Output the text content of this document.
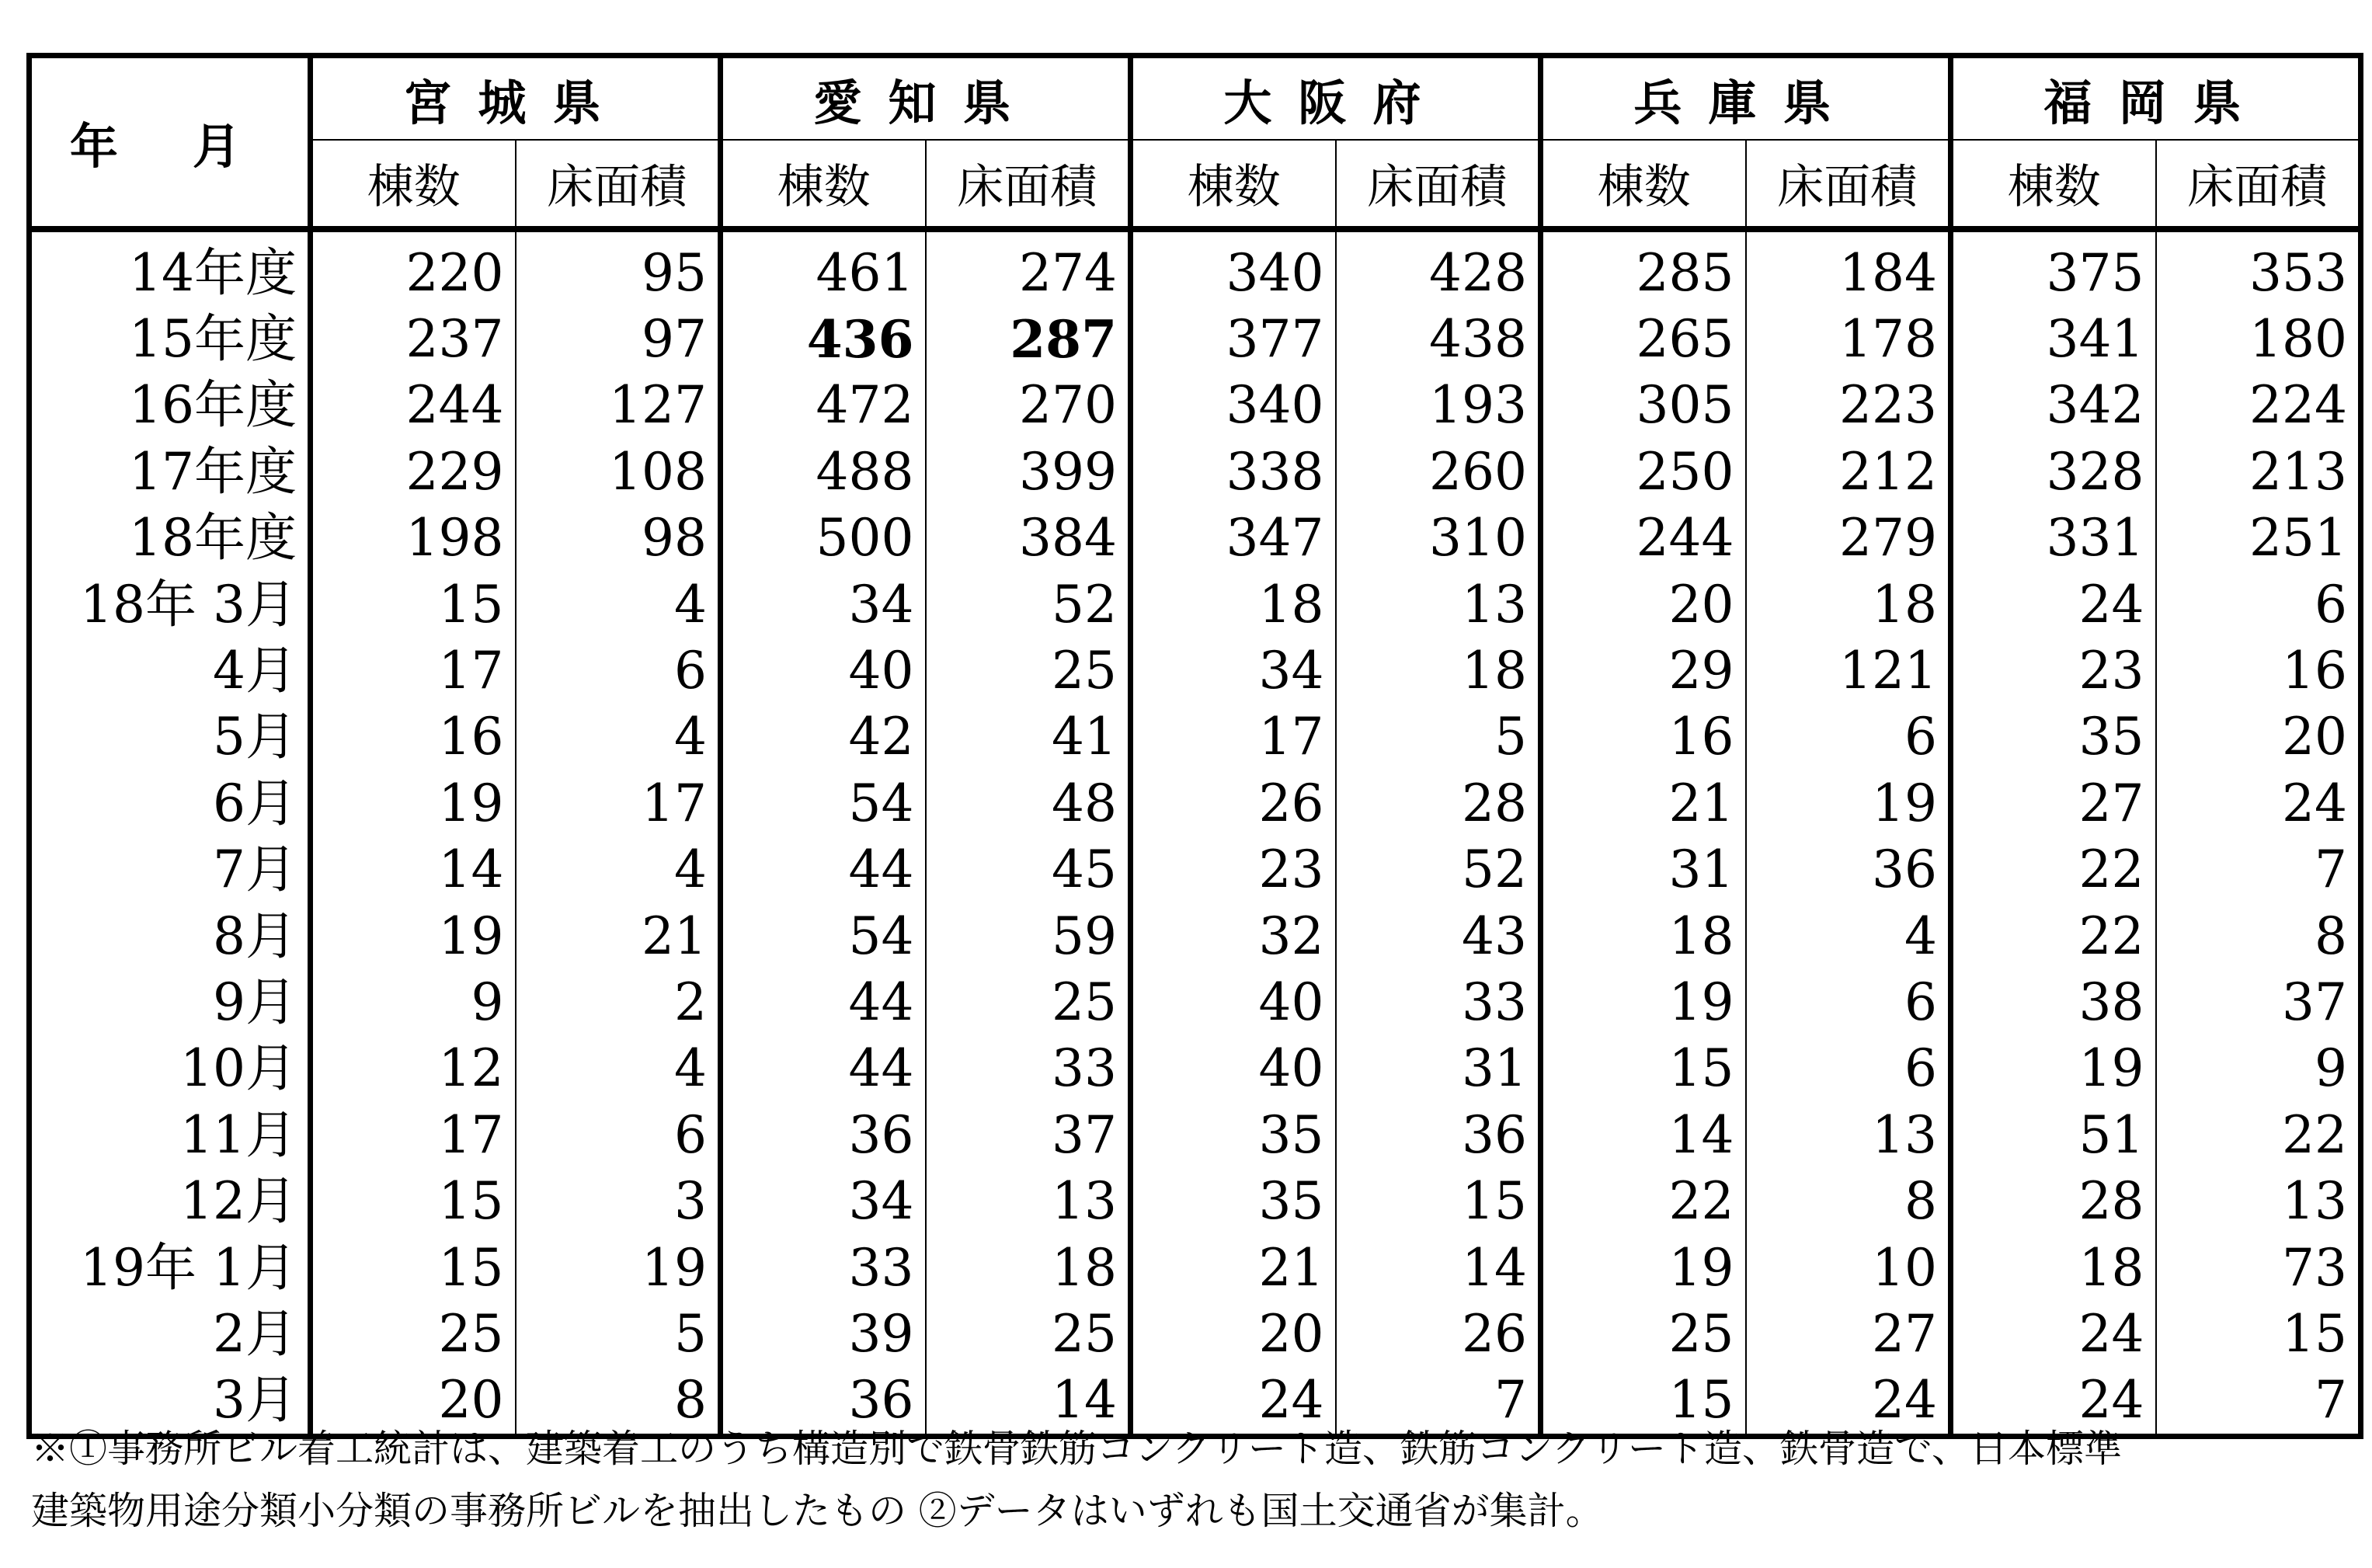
年 月	宮城県		愛知県		大阪府		兵庫県		福岡県	
	棟数	床面積	棟数	床面積	棟数	床面積	棟数	床面積	棟数	床面積
14年度	220	95	461	274	340	428	285	184	375	353
15年度	237	97	436	287	377	438	265	178	341	180
16年度	244	127	472	270	340	193	305	223	342	224
17年度	229	108	488	399	338	260	250	212	328	213
18年度	198	98	500	384	347	310	244	279	331	251
18年 3月	15	4	34	52	18	13	20	18	24	6
4月	17	6	40	25	34	18	29	121	23	16
5月	16	4	42	41	17	5	16	6	35	20
6月	19	17	54	48	26	28	21	19	27	24
7月	14	4	44	45	23	52	31	36	22	7
8月	19	21	54	59	32	43	18	4	22	8
9月	9	2	44	25	40	33	19	6	38	37
10月	12	4	44	33	40	31	15	6	19	9
11月	17	6	36	37	35	36	14	13	51	22
12月	15	3	34	13	35	15	22	8	28	13
19年 1月	15	19	33	18	21	14	19	10	18	73
2月	25	5	39	25	20	26	25	27	24	15
3月	20	8	36	14	24	7	15	24	24	7
※①事務所ビル着工統計は、建築着工のうち構造別で鉄骨鉄筋コンクリート造、鉄筋コンクリート造、鉄骨造で、日本標準
建築物用途分類小分類の事務所ビルを抽出したもの ②データはいずれも国土交通省が集計。
